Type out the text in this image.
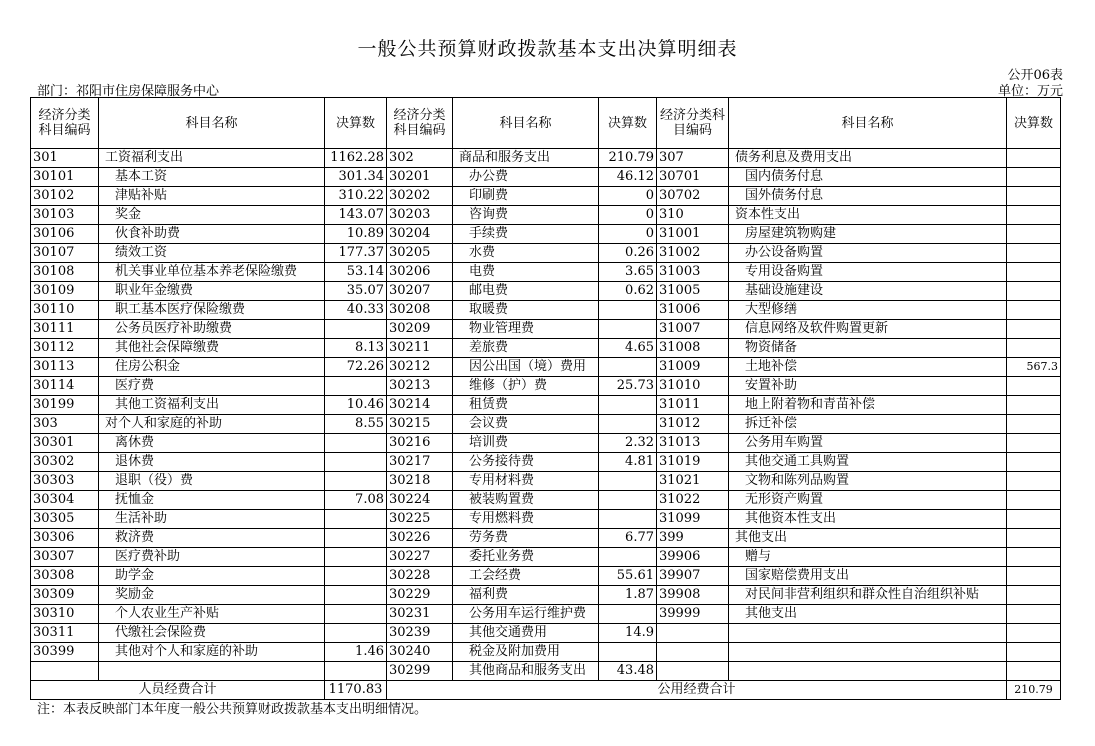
一般公共预算财政拨款基本支出决算明细表
公开06表
部门：祁阳市住房保障服务中心	单位：万元
经济分类科目编码	科目名称	决算数	经济分类科目编码	科目名称	决算数	经济分类科目编码	科目名称	决算数
301	工资福利支出	1162.28	302	商品和服务支出	210.79	307	债务利息及费用支出	
30101	基本工资	301.34	30201	办公费	46.12	30701	国内债务付息	
30102	津贴补贴	310.22	30202	印刷费	0	30702	国外债务付息	
30103	奖金	143.07	30203	咨询费	0	310	资本性支出	
30106	伙食补助费	10.89	30204	手续费	0	31001	房屋建筑物购建	
30107	绩效工资	177.37	30205	水费	0.26	31002	办公设备购置	
30108	机关事业单位基本养老保险缴费	53.14	30206	电费	3.65	31003	专用设备购置	
30109	职业年金缴费	35.07	30207	邮电费	0.62	31005	基础设施建设	
30110	职工基本医疗保险缴费	40.33	30208	取暖费		31006	大型修缮	
30111	公务员医疗补助缴费		30209	物业管理费		31007	信息网络及软件购置更新	
30112	其他社会保障缴费	8.13	30211	差旅费	4.65	31008	物资储备	
30113	住房公积金	72.26	30212	因公出国（境）费用		31009	土地补偿	567.3
30114	医疗费		30213	维修（护）费	25.73	31010	安置补助	
30199	其他工资福利支出	10.46	30214	租赁费		31011	地上附着物和青苗补偿	
303	对个人和家庭的补助	8.55	30215	会议费		31012	拆迁补偿	
30301	离休费		30216	培训费	2.32	31013	公务用车购置	
30302	退休费		30217	公务接待费	4.81	31019	其他交通工具购置	
30303	退职（役）费		30218	专用材料费		31021	文物和陈列品购置	
30304	抚恤金	7.08	30224	被装购置费		31022	无形资产购置	
30305	生活补助		30225	专用燃料费		31099	其他资本性支出	
30306	救济费		30226	劳务费	6.77	399	其他支出	
30307	医疗费补助		30227	委托业务费		39906	赠与	
30308	助学金		30228	工会经费	55.61	39907	国家赔偿费用支出	
30309	奖励金		30229	福利费	1.87	39908	对民间非营利组织和群众性自治组织补贴	
30310	个人农业生产补贴		30231	公务用车运行维护费		39999	其他支出	
30311	代缴社会保险费		30239	其他交通费用	14.9			
30399	其他对个人和家庭的补助	1.46	30240	税金及附加费用				
			30299	其他商品和服务支出	43.48			
人员经费合计		1170.83	公用经费合计					210.79
注：本表反映部门本年度一般公共预算财政拨款基本支出明细情况。
